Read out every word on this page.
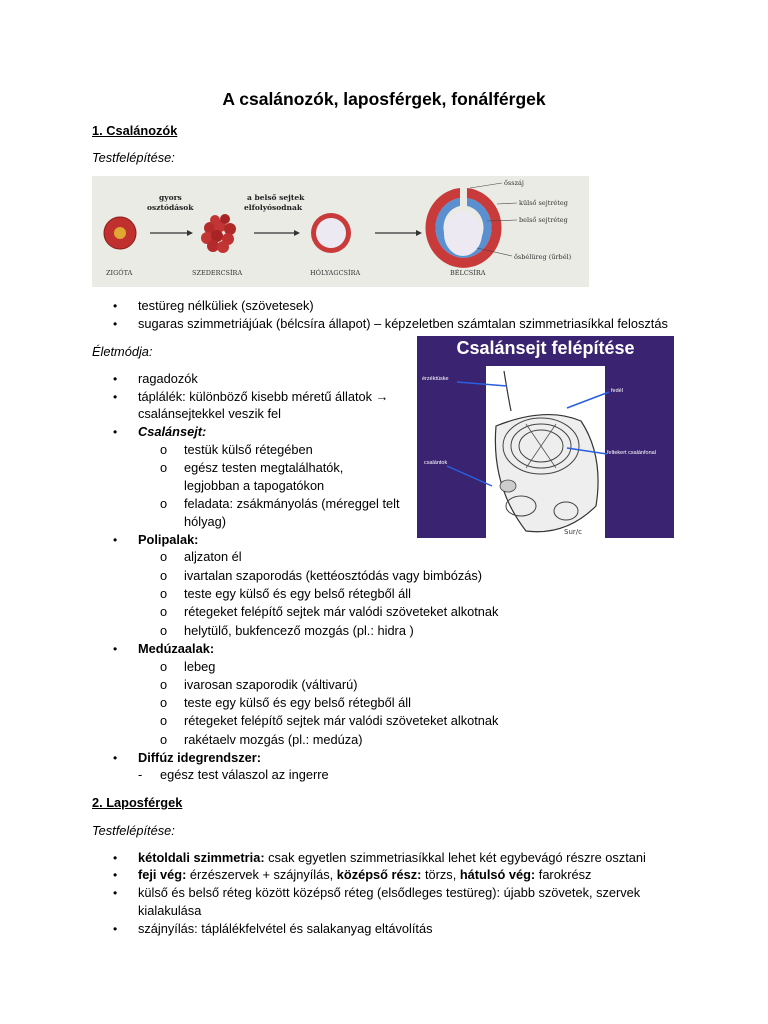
A csalánozók, laposférgek, fonálférgek
1. Csalánozók
Testfelépítése:
ZIGÓTA
gyors
osztódások
SZEDERCSÍRA
a belső sejtek
elfolyósodnak
HÓLYAGCSÍRA	BÉLCSÍRA
ősszáj
külső sejtréteg
belső sejtréteg
ősbélüreg (űrbél)
• testüreg nélküliek (szövetesek)
• sugaras szimmetriájúak (bélcsíra állapot) – képzeletben számtalan szimmetriasíkkal felosztás
Életmódja:	Csalánsejt felépítése
Sur/c
érzéktüske
fedél
feltekert csalánfonal
csalántok
• ragadozók
• táplálék: különböző kisebb méretű állatok →
csalánsejtekkel veszik fel
• Csalánsejt:
o testük külső rétegében
o egész testen megtalálhatók,
legjobban a tapogatókon
o feladata: zsákmányolás (méreggel telt
hólyag)
• Polipalak:
o aljzaton él
o ivartalan szaporodás (kettéosztódás vagy bimbózás)
o teste egy külső és egy belső rétegből áll
o rétegeket felépítő sejtek már valódi szöveteket alkotnak
o helytülő, bukfencező mozgás (pl.: hidra )
• Medúzaalak:
o lebeg
o ivarosan szaporodik (váltivarú)
o teste egy külső és egy belső rétegből áll
o rétegeket felépítő sejtek már valódi szöveteket alkotnak
o rakétaelv mozgás (pl.: medúza)
• Diffúz idegrendszer:
- egész test válaszol az ingerre
2. Laposférgek
Testfelépítése:
• kétoldali szimmetria: csak egyetlen szimmetriasíkkal lehet két egybevágó részre osztani
• feji vég: érzészervek + szájnyílás, középső rész: törzs, hátulsó vég: farokrész
• külső és belső réteg között középső réteg (elsődleges testüreg): újabb szövetek, szervek
kialakulása
• szájnyílás: táplálékfelvétel és salakanyag eltávolítás
